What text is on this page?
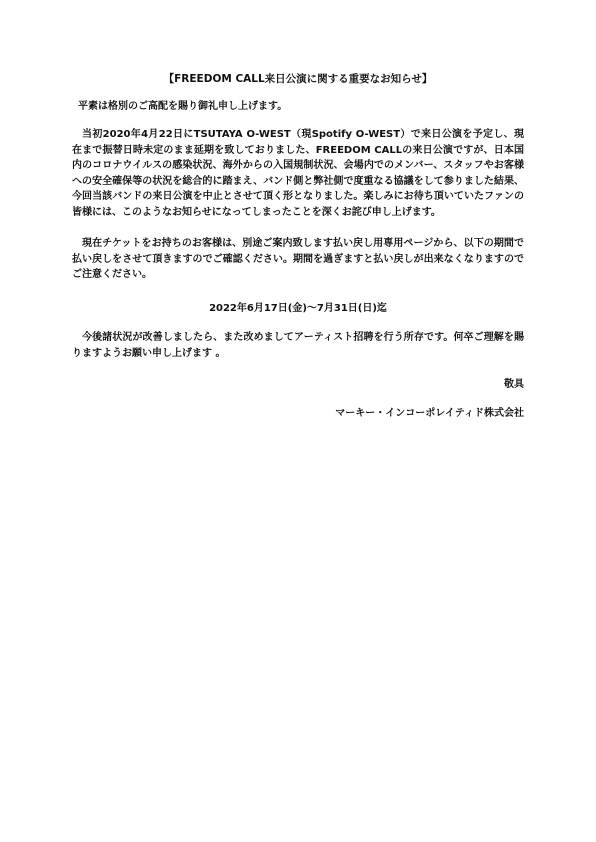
【FREEDOM CALL来日公演に関する重要なお知らせ】

平素は格別のご高配を賜り御礼申し上げます。

当初2020年4月22日にTSUTAYA O-WEST（現Spotify O-WEST）で来日公演を予定し、現在まで振替日時未定のまま延期を致しておりました、FREEDOM CALLの来日公演ですが、日本国内のコロナウイルスの感染状況、海外からの入国規制状況、会場内でのメンバー、スタッフやお客様への安全確保等の状況を総合的に踏まえ、バンド側と弊社側で度重なる協議をして参りました結果、今回当該バンドの来日公演を中止とさせて頂く形となりました。楽しみにお待ち頂いていたファンの皆様には、このようなお知らせになってしまったことを深くお詫び申し上げます。

現在チケットをお持ちのお客様は、別途ご案内致します払い戻し用専用ページから、以下の期間で払い戻しをさせて頂きますのでご確認ください。期間を過ぎますと払い戻しが出来なくなりますのでご注意ください。

2022年6月17日(金)～7月31日(日)迄

今後諸状況が改善しましたら、また改めましてアーティスト招聘を行う所存です。何卒ご理解を賜りますようお願い申し上げます 。

敬具
マーキー・インコーポレイティド株式会社
